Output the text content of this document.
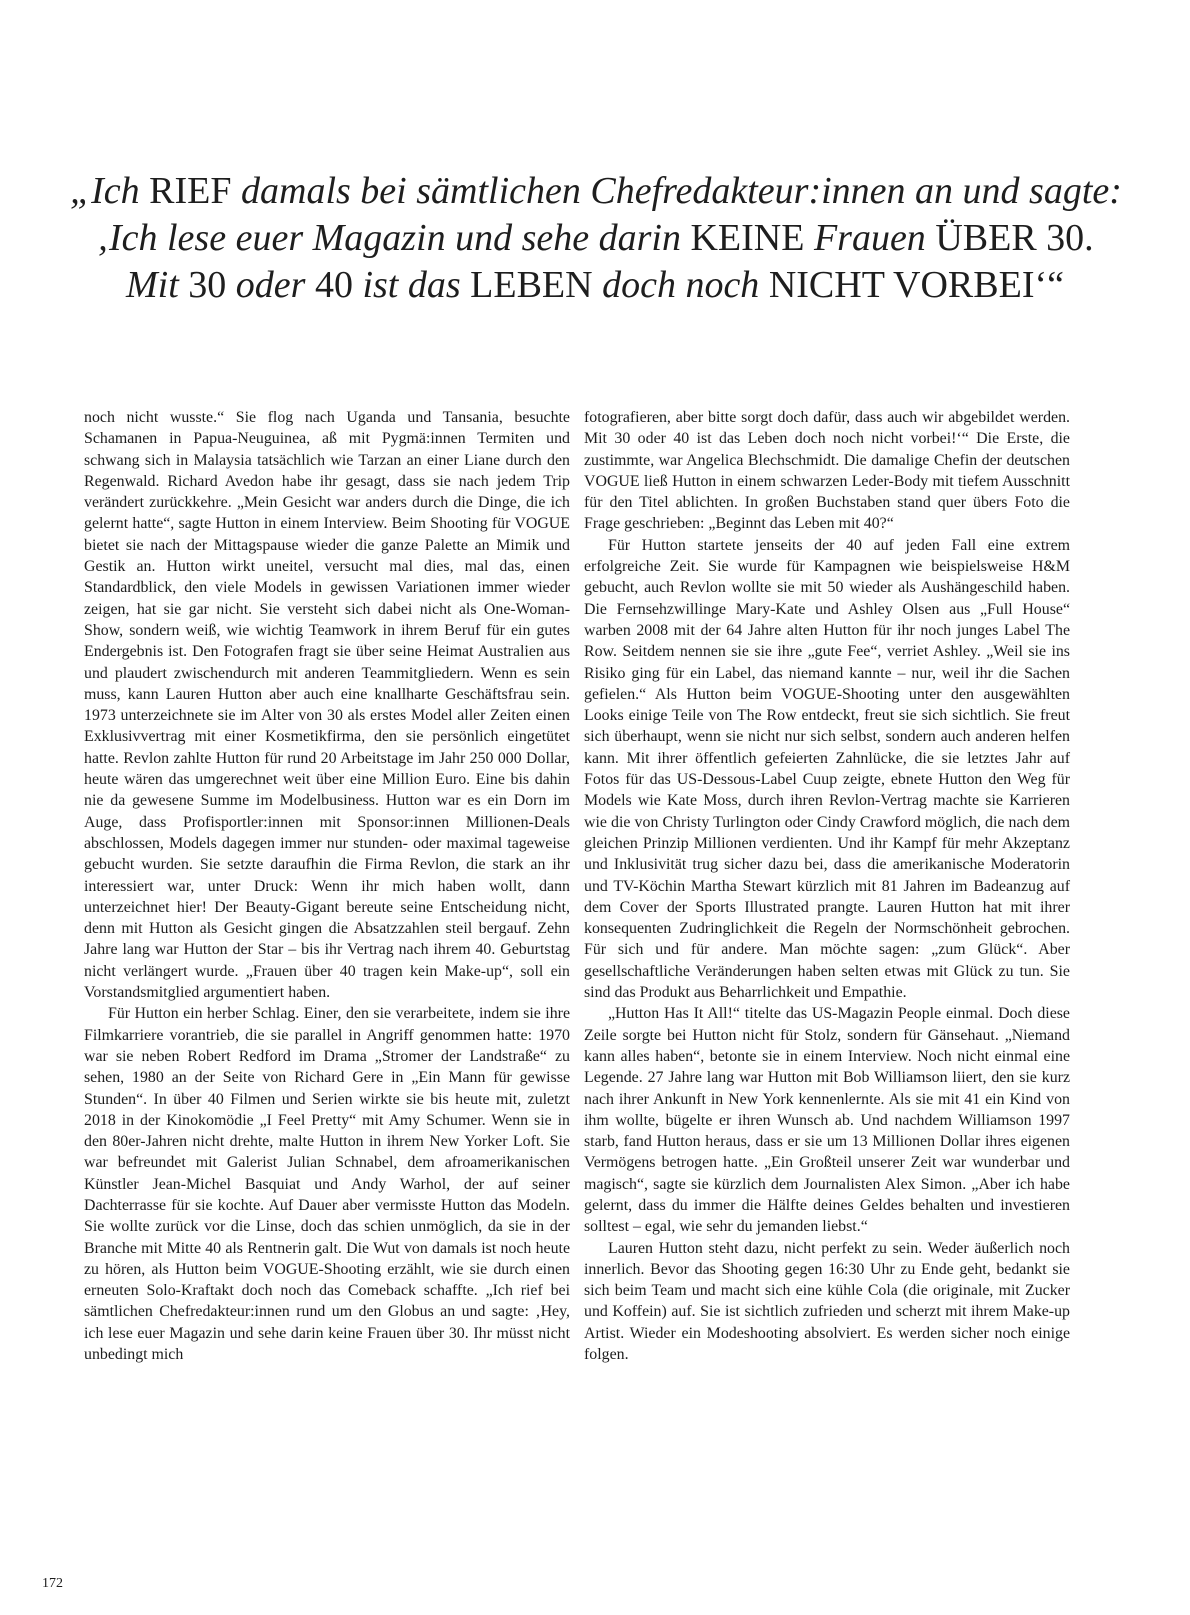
„Ich RIEF damals bei sämtlichen Chefredakteur:innen an und sagte:
‚Ich lese euer Magazin und sehe darin KEINE Frauen ÜBER 30.
Mit 30 oder 40 ist das LEBEN doch noch NICHT VORBEI‘“

noch nicht wusste.“ Sie flog nach Uganda und Tansania, besuchte Schamanen in Papua-Neuguinea, aß mit Pygmä:innen Termiten und schwang sich in Malaysia tatsächlich wie Tarzan an einer Liane durch den Regenwald. Richard Avedon habe ihr gesagt, dass sie nach jedem Trip verändert zurückkehre. „Mein Gesicht war anders durch die Dinge, die ich gelernt hatte“, sagte Hutton in einem Interview. Beim Shooting für VOGUE bietet sie nach der Mittagspause wieder die ganze Palette an Mimik und Gestik an. Hutton wirkt uneitel, versucht mal dies, mal das, einen Standardblick, den viele Models in gewissen Variationen immer wieder zeigen, hat sie gar nicht. Sie versteht sich dabei nicht als One-Woman-Show, sondern weiß, wie wichtig Teamwork in ihrem Beruf für ein gutes Endergebnis ist. Den Fotografen fragt sie über seine Heimat Australien aus und plaudert zwischendurch mit anderen Teammitgliedern. Wenn es sein muss, kann Lauren Hutton aber auch eine knallharte Geschäftsfrau sein. 1973 unterzeichnete sie im Alter von 30 als erstes Model aller Zeiten einen Exklusivvertrag mit einer Kosmetikfirma, den sie persönlich eingetütet hatte. Revlon zahlte Hutton für rund 20 Arbeitstage im Jahr 250 000 Dollar, heute wären das umgerechnet weit über eine Million Euro. Eine bis dahin nie da gewesene Summe im Modelbusiness. Hutton war es ein Dorn im Auge, dass Profisportler:innen mit Sponsor:innen Millionen-Deals abschlossen, Models dagegen immer nur stunden- oder maximal tageweise gebucht wurden. Sie setzte daraufhin die Firma Revlon, die stark an ihr interessiert war, unter Druck: Wenn ihr mich haben wollt, dann unterzeichnet hier! Der Beauty-Gigant bereute seine Entscheidung nicht, denn mit Hutton als Gesicht gingen die Absatzzahlen steil bergauf. Zehn Jahre lang war Hutton der Star – bis ihr Vertrag nach ihrem 40. Geburtstag nicht verlängert wurde. „Frauen über 40 tragen kein Make-up“, soll ein Vorstandsmitglied argumentiert haben.

Für Hutton ein herber Schlag. Einer, den sie verarbeitete, indem sie ihre Filmkarriere vorantrieb, die sie parallel in Angriff genommen hatte: 1970 war sie neben Robert Redford im Drama „Stromer der Landstraße“ zu sehen, 1980 an der Seite von Richard Gere in „Ein Mann für gewisse Stunden“. In über 40 Filmen und Serien wirkte sie bis heute mit, zuletzt 2018 in der Kinokomödie „I Feel Pretty“ mit Amy Schumer. Wenn sie in den 80er-Jahren nicht drehte, malte Hutton in ihrem New Yorker Loft. Sie war befreundet mit Galerist Julian Schnabel, dem afroamerikanischen Künstler Jean-Michel Basquiat und Andy Warhol, der auf seiner Dachterrasse für sie kochte. Auf Dauer aber vermisste Hutton das Modeln. Sie wollte zurück vor die Linse, doch das schien unmöglich, da sie in der Branche mit Mitte 40 als Rentnerin galt. Die Wut von damals ist noch heute zu hören, als Hutton beim VOGUE-Shooting erzählt, wie sie durch einen erneuten Solo-Kraftakt doch noch das Comeback schaffte. „Ich rief bei sämtlichen Chefredakteur:innen rund um den Globus an und sagte: ‚Hey, ich lese euer Magazin und sehe darin keine Frauen über 30. Ihr müsst nicht unbedingt mich

fotografieren, aber bitte sorgt doch dafür, dass auch wir abgebildet werden. Mit 30 oder 40 ist das Leben doch noch nicht vorbei!‘“ Die Erste, die zustimmte, war Angelica Blechschmidt. Die damalige Chefin der deutschen VOGUE ließ Hutton in einem schwarzen Leder-Body mit tiefem Ausschnitt für den Titel ablichten. In großen Buchstaben stand quer übers Foto die Frage geschrieben: „Beginnt das Leben mit 40?“

Für Hutton startete jenseits der 40 auf jeden Fall eine extrem erfolgreiche Zeit. Sie wurde für Kampagnen wie beispielsweise H&M gebucht, auch Revlon wollte sie mit 50 wieder als Aushängeschild haben. Die Fernsehzwillinge Mary-Kate und Ashley Olsen aus „Full House“ warben 2008 mit der 64 Jahre alten Hutton für ihr noch junges Label The Row. Seitdem nennen sie sie ihre „gute Fee“, verriet Ashley. „Weil sie ins Risiko ging für ein Label, das niemand kannte – nur, weil ihr die Sachen gefielen.“ Als Hutton beim VOGUE-Shooting unter den ausgewählten Looks einige Teile von The Row entdeckt, freut sie sich sichtlich. Sie freut sich überhaupt, wenn sie nicht nur sich selbst, sondern auch anderen helfen kann. Mit ihrer öffentlich gefeierten Zahnlücke, die sie letztes Jahr auf Fotos für das US-Dessous-Label Cuup zeigte, ebnete Hutton den Weg für Models wie Kate Moss, durch ihren Revlon-Vertrag machte sie Karrieren wie die von Christy Turlington oder Cindy Crawford möglich, die nach dem gleichen Prinzip Millionen verdienten. Und ihr Kampf für mehr Akzeptanz und Inklusivität trug sicher dazu bei, dass die amerikanische Moderatorin und TV-Köchin Martha Stewart kürzlich mit 81 Jahren im Badeanzug auf dem Cover der Sports Illustrated prangte. Lauren Hutton hat mit ihrer konsequenten Zudringlichkeit die Regeln der Normschönheit gebrochen. Für sich und für andere. Man möchte sagen: „zum Glück“. Aber gesellschaftliche Veränderungen haben selten etwas mit Glück zu tun. Sie sind das Produkt aus Beharrlichkeit und Empathie.

„Hutton Has It All!“ titelte das US-Magazin People einmal. Doch diese Zeile sorgte bei Hutton nicht für Stolz, sondern für Gänsehaut. „Niemand kann alles haben“, betonte sie in einem Interview. Noch nicht einmal eine Legende. 27 Jahre lang war Hutton mit Bob Williamson liiert, den sie kurz nach ihrer Ankunft in New York kennenlernte. Als sie mit 41 ein Kind von ihm wollte, bügelte er ihren Wunsch ab. Und nachdem Williamson 1997 starb, fand Hutton heraus, dass er sie um 13 Millionen Dollar ihres eigenen Vermögens betrogen hatte. „Ein Großteil unserer Zeit war wunderbar und magisch“, sagte sie kürzlich dem Journalisten Alex Simon. „Aber ich habe gelernt, dass du immer die Hälfte deines Geldes behalten und investieren solltest – egal, wie sehr du jemanden liebst.“

Lauren Hutton steht dazu, nicht perfekt zu sein. Weder äußerlich noch innerlich. Bevor das Shooting gegen 16:30 Uhr zu Ende geht, bedankt sie sich beim Team und macht sich eine kühle Cola (die originale, mit Zucker und Koffein) auf. Sie ist sichtlich zufrieden und scherzt mit ihrem Make-up Artist. Wieder ein Modeshooting absolviert. Es werden sicher noch einige folgen.

172
